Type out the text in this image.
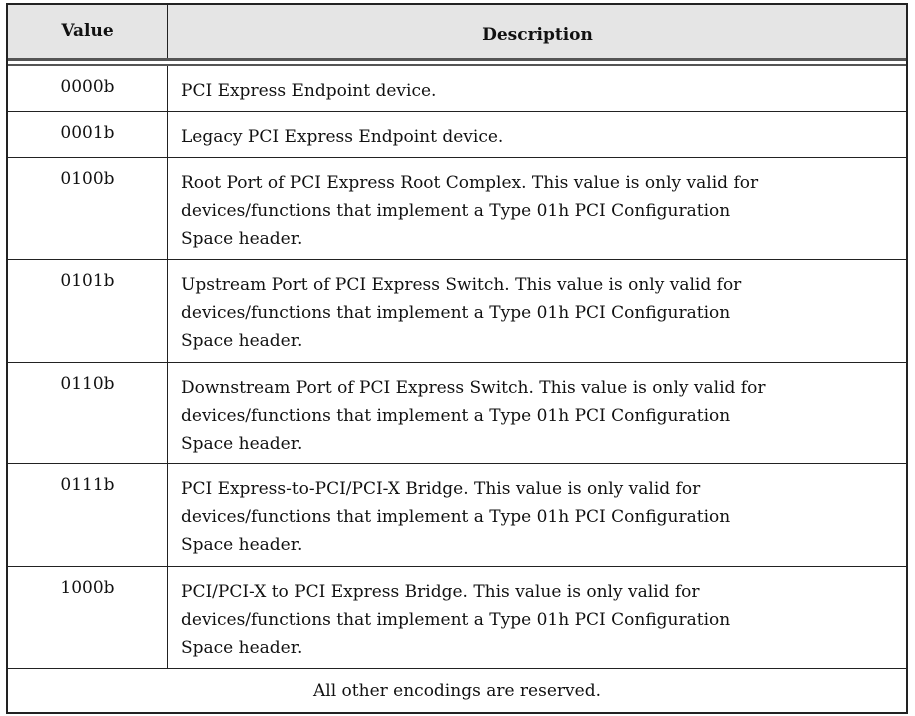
Value	Description
0000b	PCI Express Endpoint device.
0001b	Legacy PCI Express Endpoint device.
0100b	Root Port of PCI Express Root Complex. This value is only valid for
devices/functions that implement a Type 01h PCI Configuration
Space header.
0101b	Upstream Port of PCI Express Switch. This value is only valid for
devices/functions that implement a Type 01h PCI Configuration
Space header.
0110b	Downstream Port of PCI Express Switch. This value is only valid for
devices/functions that implement a Type 01h PCI Configuration
Space header.
0111b	PCI Express-to-PCI/PCI-X Bridge. This value is only valid for
devices/functions that implement a Type 01h PCI Configuration
Space header.
1000b	PCI/PCI-X to PCI Express Bridge. This value is only valid for
devices/functions that implement a Type 01h PCI Configuration
Space header.
All other encodings are reserved.
